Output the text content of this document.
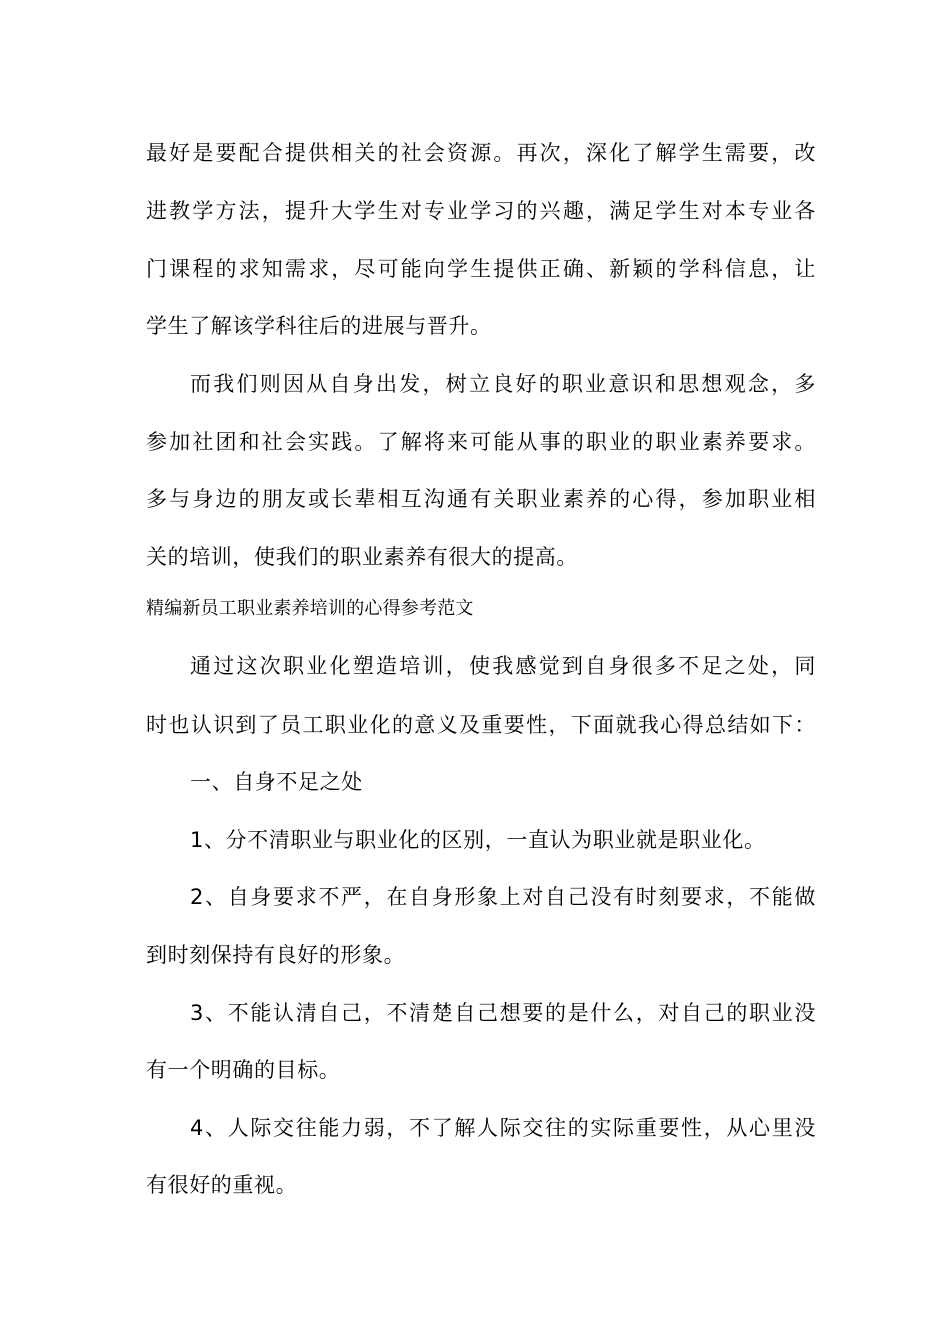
最好是要配合提供相关的社会资源。再次，深化了解学生需要，改
进教学方法，提升大学生对专业学习的兴趣，满足学生对本专业各
门课程的求知需求，尽可能向学生提供正确、新颖的学科信息，让
学生了解该学科往后的进展与晋升。
而我们则因从自身出发，树立良好的职业意识和思想观念，多
参加社团和社会实践。了解将来可能从事的职业的职业素养要求。
多与身边的朋友或长辈相互沟通有关职业素养的心得，参加职业相
关的培训，使我们的职业素养有很大的提高。
精编新员工职业素养培训的心得参考范文
通过这次职业化塑造培训，使我感觉到自身很多不足之处，同
时也认识到了员工职业化的意义及重要性，下面就我心得总结如下：
一、自身不足之处
1、分不清职业与职业化的区别，一直认为职业就是职业化。
2、自身要求不严，在自身形象上对自己没有时刻要求，不能做
到时刻保持有良好的形象。
3、不能认清自己，不清楚自己想要的是什么，对自己的职业没
有一个明确的目标。
4、人际交往能力弱，不了解人际交往的实际重要性，从心里没
有很好的重视。
